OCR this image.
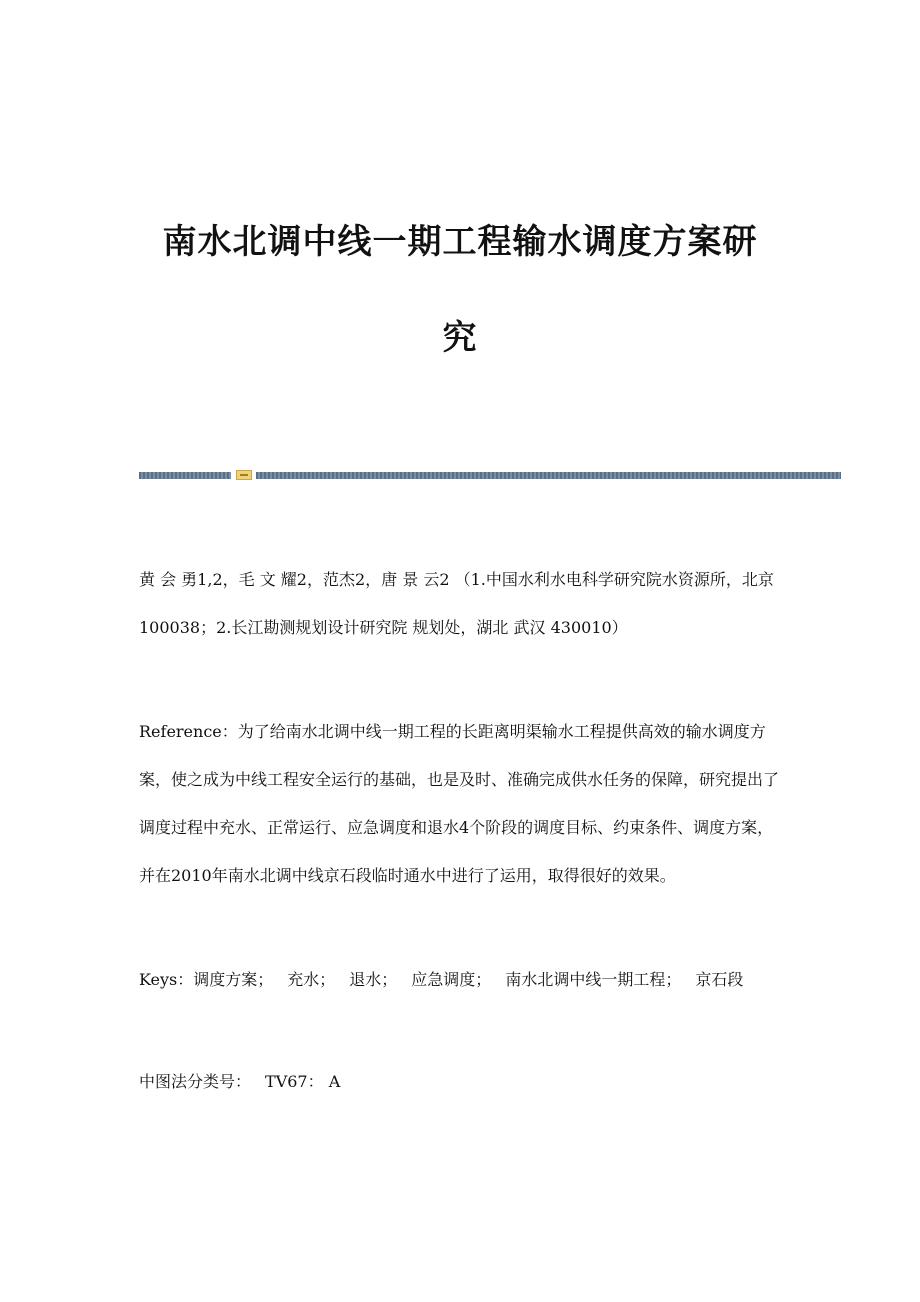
南水北调中线一期工程输水调度方案研
究

黄 会 勇1,2，毛 文 耀2，范杰2，唐 景 云2 （1.中国水利水电科学研究院水资源所，北京 100038；2.长江勘测规划设计研究院 规划处，湖北 武汉 430010）

Reference：为了给南水北调中线一期工程的长距离明渠输水工程提供高效的输水调度方案，使之成为中线工程安全运行的基础，也是及时、准确完成供水任务的保障，研究提出了调度过程中充水、正常运行、应急调度和退水4个阶段的调度目标、约束条件、调度方案，并在2010年南水北调中线京石段临时通水中进行了运用，取得很好的效果。

Keys：调度方案； 充水； 退水； 应急调度； 南水北调中线一期工程； 京石段

中图法分类号： TV67： A
